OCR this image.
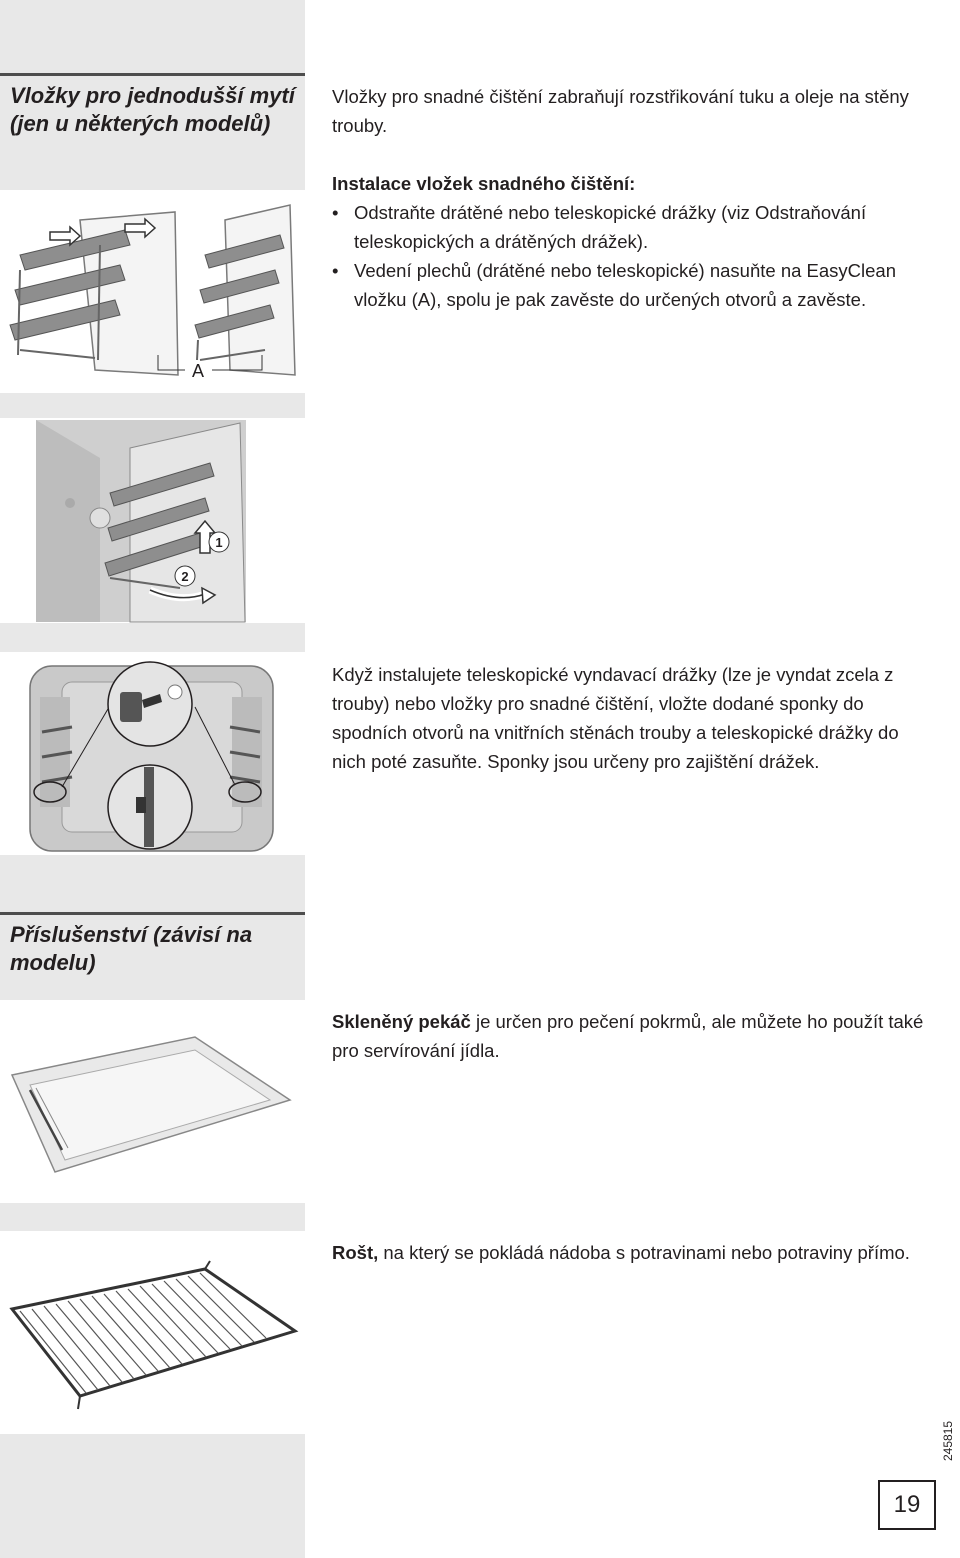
Vložky pro jednodušší mytí (jen u některých modelů)
A
1
2
Příslušenství (závisí na modelu)

Vložky pro snadné čištění zabraňují rozstřikování tuku a oleje na stěny trouby.

Instalace vložek snadného čištění:

• Odstraňte drátěné nebo teleskopické drážky (viz Odstraňování teleskopických a drátěných drážek).
• Vedení plechů (drátěné nebo teleskopické) nasuňte na EasyClean vložku (A), spolu je pak zavěste do určených otvorů a zavěste.
Když instalujete teleskopické vyndavací drážky (lze je vyndat zcela z trouby) nebo vložky pro snadné čištění, vložte dodané sponky do spodních otvorů na vnitřních stěnách trouby a teleskopické drážky do nich poté zasuňte. Sponky jsou určeny pro zajištění drážek.
Skleněný pekáč je určen pro pečení pokrmů, ale můžete ho použít také pro servírování jídla.
Rošt, na který se pokládá nádoba s potravinami nebo potraviny přímo.
245815
19
